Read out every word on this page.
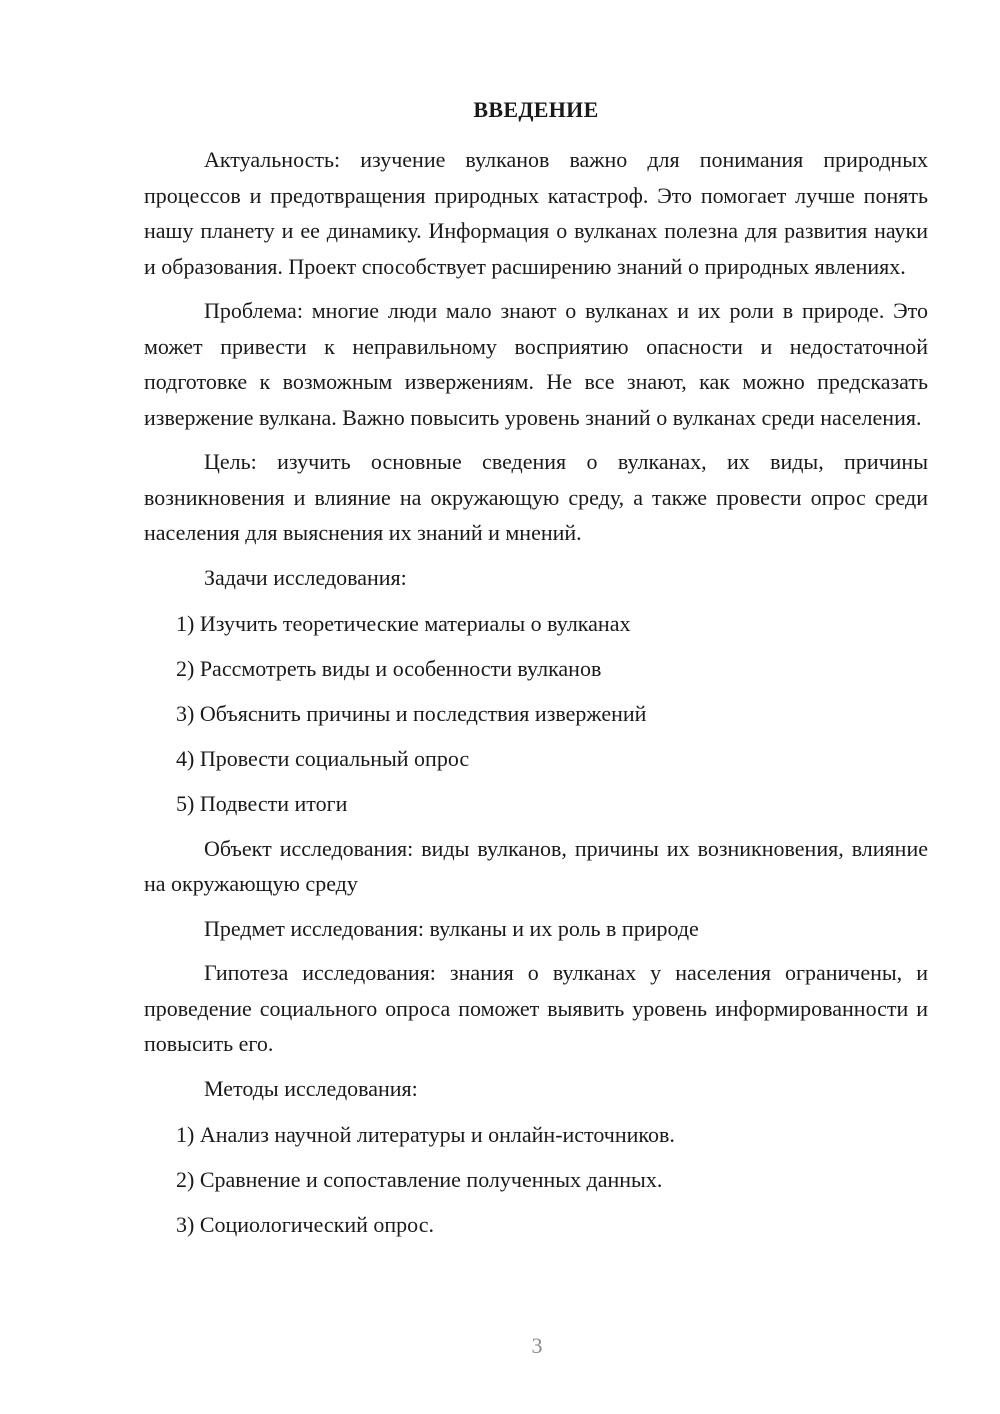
ВВЕДЕНИЕ

Актуальность: изучение вулканов важно для понимания природных процессов и предотвращения природных катастроф. Это помогает лучше понять нашу планету и ее динамику. Информация о вулканах полезна для развития науки и образования. Проект способствует расширению знаний о природных явлениях.

Проблема: многие люди мало знают о вулканах и их роли в природе. Это может привести к неправильному восприятию опасности и недостаточной подготовке к возможным извержениям. Не все знают, как можно предсказать извержение вулкана. Важно повысить уровень знаний о вулканах среди населения.

Цель: изучить основные сведения о вулканах, их виды, причины возникновения и влияние на окружающую среду, а также провести опрос среди населения для выяснения их знаний и мнений.

Задачи исследования:
1) Изучить теоретические материалы о вулканах
2) Рассмотреть виды и особенности вулканов
3) Объяснить причины и последствия извержений
4) Провести социальный опрос
5) Подвести итоги

Объект исследования: виды вулканов, причины их возникновения, влияние на окружающую среду

Предмет исследования: вулканы и их роль в природе

Гипотеза исследования: знания о вулканах у населения ограничены, и проведение социального опроса поможет выявить уровень информированности и повысить его.

Методы исследования:
1) Анализ научной литературы и онлайн-источников.
2) Сравнение и сопоставление полученных данных.
3) Социологический опрос.
3
